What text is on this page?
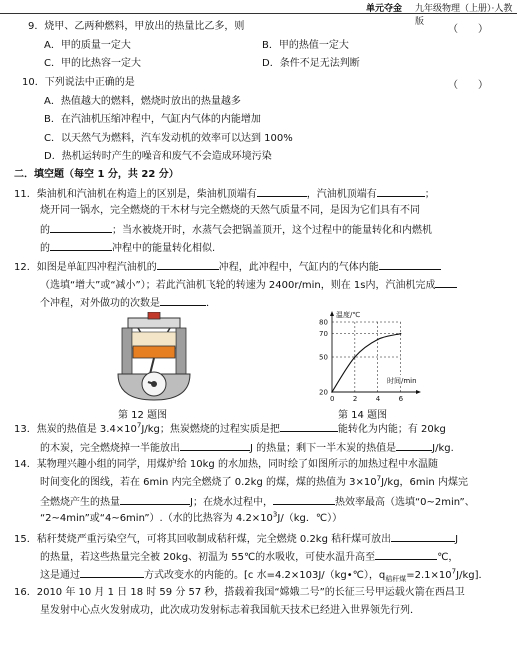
单元夺金 九年级物理（上册）·人教版
9．烧甲、乙两种燃料，甲放出的热量比乙多，则	（　　）
A．甲的质量一定大	B．甲的热值一定大
C．甲的比热容一定大	D．条件不足无法判断
10．下列说法中正确的是	（　　）
A．热值越大的燃料，燃烧时放出的热量越多
B．在汽油机压缩冲程中，气缸内气体的内能增加
C．以天然气为燃料，汽车发动机的效率可以达到 100%
D．热机运转时产生的噪音和废气不会造成环境污染
二．填空题（每空 1 分，共 22 分）
11．柴油机和汽油机在构造上的区别是，柴油机顶端有	，汽油机顶端有	；
烧开同一锅水，完全燃烧的干木材与完全燃烧的天然气质量不同，是因为它们具有不同
的	；当水被烧开时，水蒸气会把锅盖顶开，这个过程中的能量转化和内燃机
的	冲程中的能量转化相似.
12．如图是单缸四冲程汽油机的	冲程，此冲程中，气缸内的气体内能
（选填“增大”或“减小”）；若此汽油机飞轮的转速为 2400r/min，则在 1s内，汽油机完成
个冲程，对外做功的次数是	．
第 12 题图
0	2	4	6
20
50
70
80
温度/℃
时间/min
第 14 题图
13．焦炭的热值是 $3.4\times 10^7J/kg$；焦炭燃烧的过程实质是把	能转化为内能；有 20kg
的木炭，完全燃烧掉一半能放出	J 的热量；剩下一半木炭的热值是	J/kg.
14．某物理兴趣小组的同学，用煤炉给 10kg 的水加热，同时绘了如图所示的加热过程中水温随
时间变化的图线，若在 6min 内完全燃烧了 0.2kg 的煤，煤的热值为 $3\times 10^7J/kg$，6min 内煤完
全燃烧产生的热量	J；在烧水过程中，	热效率最高（选填“0~2min”、
“2~4min”或“4~6min”）.（水的比热容为 $4.2\times 10^3J/(kg$．℃））
15．秸秆焚烧严重污染空气，可将其回收制成秸秆煤，完全燃烧 0.2kg 秸秆煤可放出	J
的热量，若这些热量完全被 20kg、初温为 55℃的水吸收，可使水温升高至	℃，
这是通过	方式改变水的内能的。[c 水=4.2×103J/（kg•℃），$q_{秸秆煤}=2.1\times 10^7J/kg$]．
16．2010 年 10 月 1 日 18 时 59 分 57 秒，搭载着我国“嫦娥二号”的长征三号甲运载火箭在西昌卫
星发射中心点火发射成功，此次成功发射标志着我国航天技术已经进入世界领先行列．
